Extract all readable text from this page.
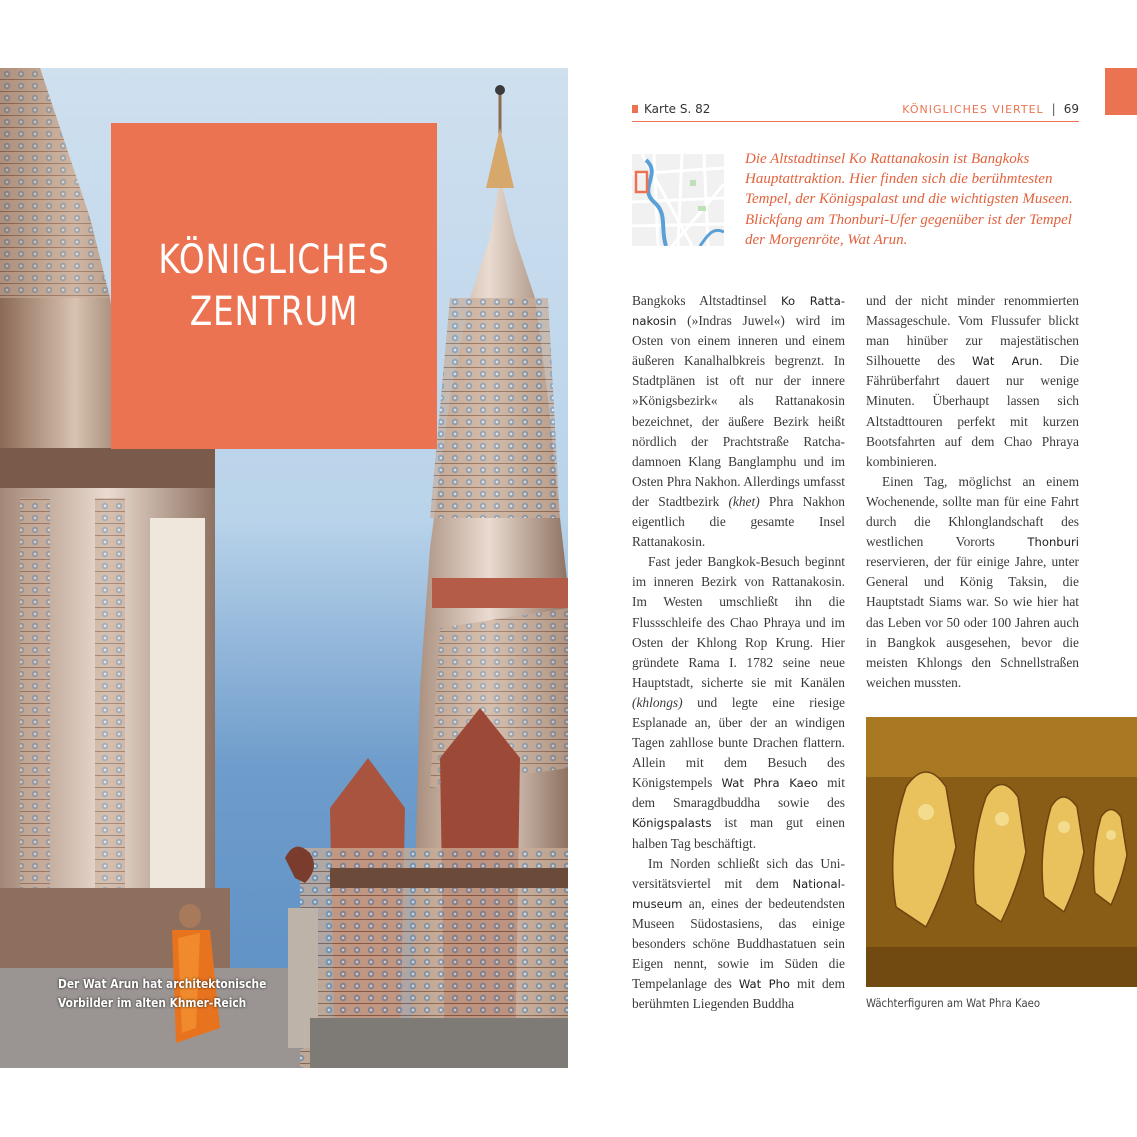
KÖNIGLICHES
ZENTRUM
Der Wat Arun hat architektonische
Vorbilder im alten Khmer-Reich
Karte S. 82	KÖNIGLICHES VIERTEL | 69
Die Altstadtinsel Ko Rattanakosin ist Bangkoks Hauptattraktion. Hier finden sich die berühmtesten Tempel, der Königspalast und die wichtigsten Museen. Blickfang am Thonburi-Ufer gegenüber ist der Tempel der Morgenröte, Wat Arun.

Bangkoks Altstadtinsel Ko Rattanakosin (»Indras Juwel«) wird im Osten von einem inneren und einem äußeren Kanalhalbkreis begrenzt. In Stadtplänen ist oft nur der innere »Königsbezirk« als Rattanakosin bezeichnet, der äußere Bezirk heißt nördlich der Prachtstraße Ratchadamnoen Klang Banglamphu und im Osten Phra Nakhon. Allerdings umfasst der Stadtbezirk (khet) Phra Nakhon eigentlich die gesamte Insel Rattanakosin.

Fast jeder Bangkok-Besuch beginnt im inneren Bezirk von Rattanakosin. Im Westen umschließt ihn die Flussschleife des Chao Phraya und im Osten der Khlong Rop Krung. Hier gründete Rama I. 1782 seine neue Hauptstadt, sicherte sie mit Kanälen (khlongs) und legte eine riesige Esplanade an, über der an windigen Tagen zahllose bunte Drachen flattern. Allein mit dem Besuch des Königstempels Wat Phra Kaeo mit dem Smaragdbuddha sowie des Königspalasts ist man gut einen halben Tag beschäftigt.

Im Norden schließt sich das Universitätsviertel mit dem Nationalmuseum an, eines der bedeutendsten Museen Südostasiens, das einige besonders schöne Buddhastatuen sein Eigen nennt, sowie im Süden die Tempelanlage des Wat Pho mit dem berühmten Liegenden Buddha

und der nicht minder renommierten Massageschule. Vom Flussufer blickt man hinüber zur majestätischen Silhouette des Wat Arun. Die Fährüberfahrt dauert nur wenige Minuten. Überhaupt lassen sich Altstadttouren perfekt mit kurzen Bootsfahrten auf dem Chao Phraya kombinieren.

Einen Tag, möglichst an einem Wochenende, sollte man für eine Fahrt durch die Khlonglandschaft des westlichen Vororts Thonburi reservieren, der für einige Jahre, unter General und König Taksin, die Hauptstadt Siams war. So wie hier hat das Leben vor 50 oder 100 Jahren auch in Bangkok ausgesehen, bevor die meisten Khlongs den Schnellstraßen weichen mussten.

Wächterfiguren am Wat Phra Kaeo
